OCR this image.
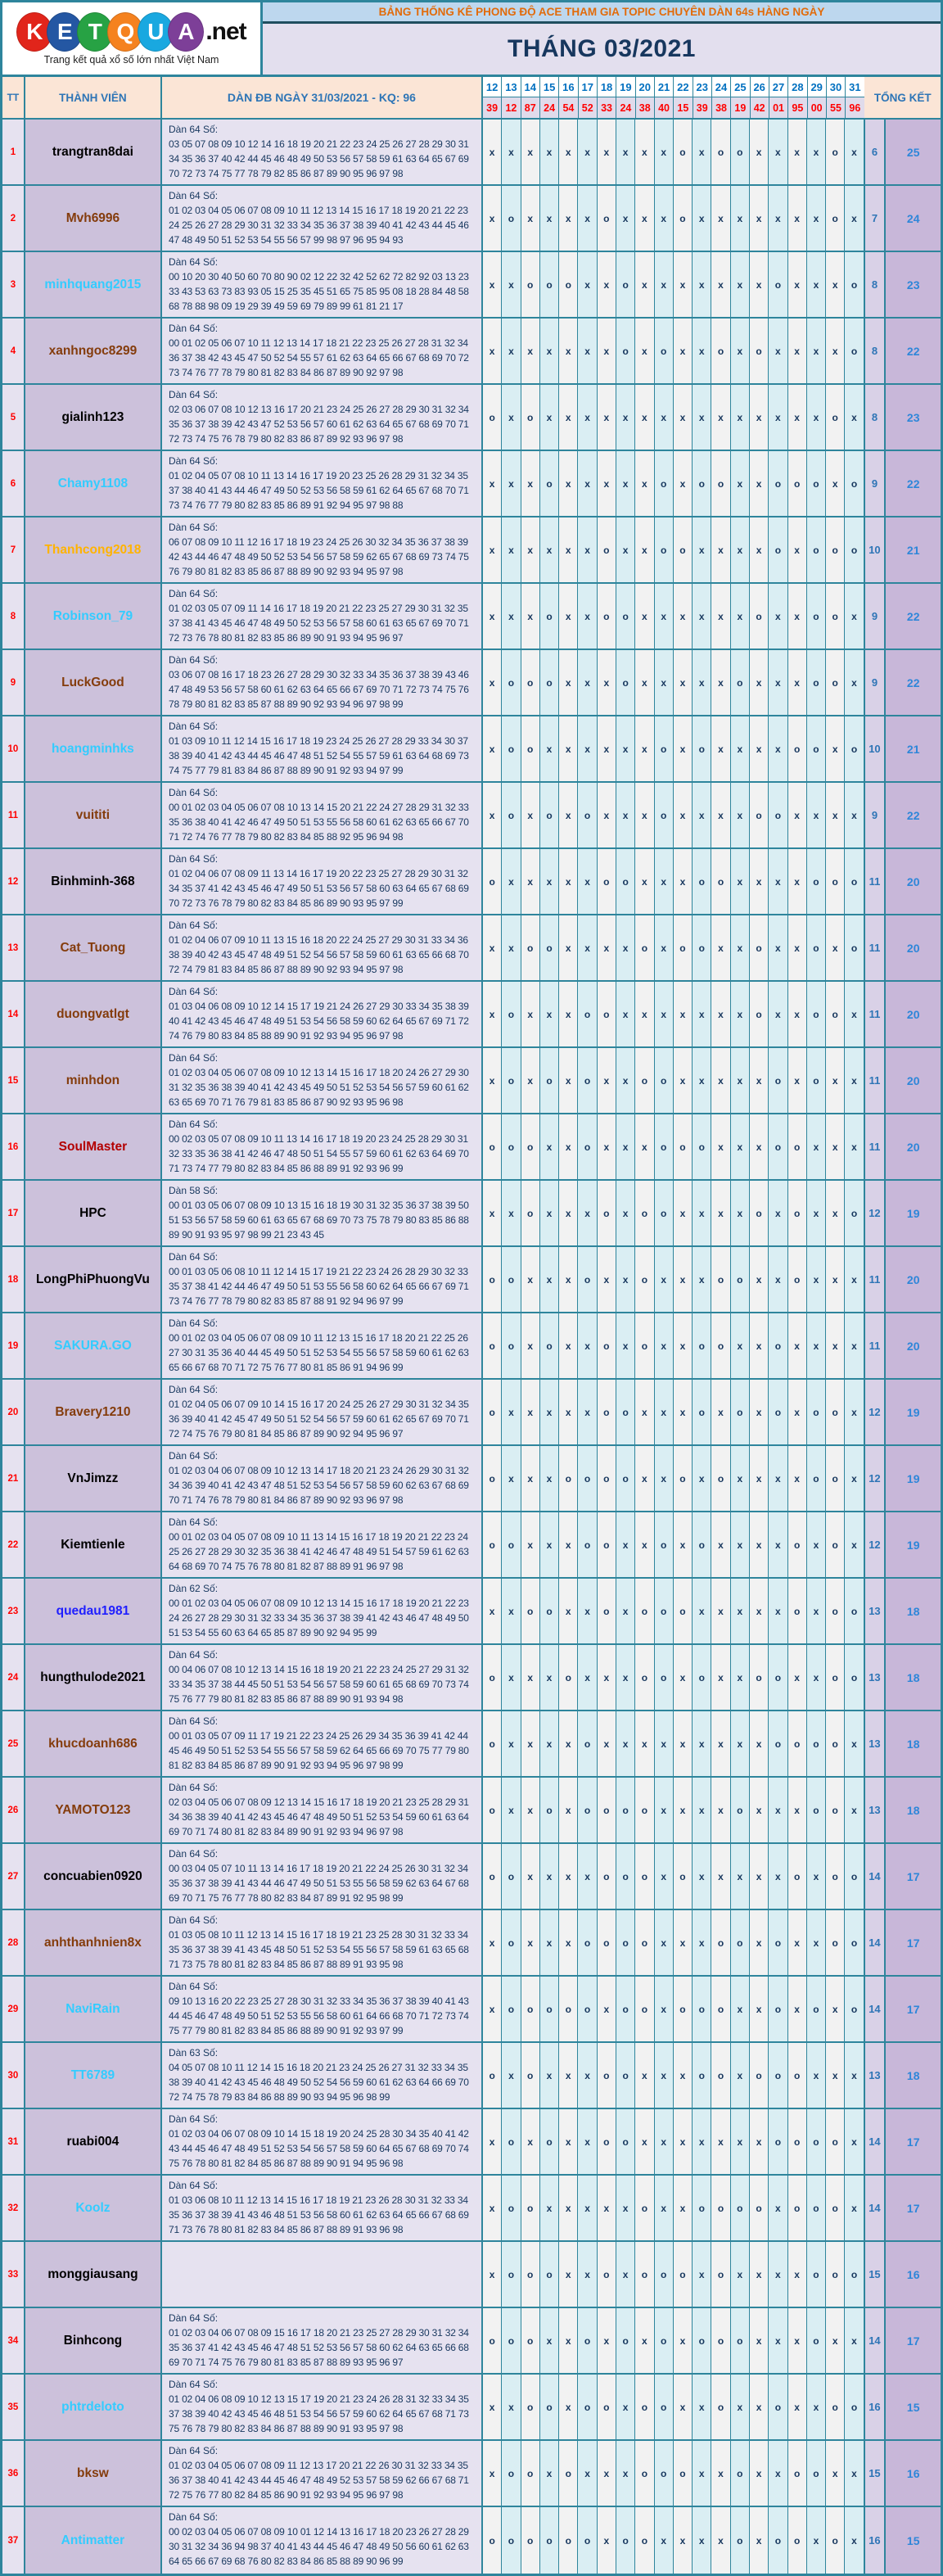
K E T Q U A .net
Trang kết quả xổ số lớn nhất Việt Nam
BẢNG THỐNG KÊ PHONG ĐỘ ACE THAM GIA TOPIC CHUYÊN DÀN 64s HÀNG NGÀY
THÁNG 03/2021
TT	THÀNH VIÊN	DÀN ĐB NGÀY 31/03/2021 - KQ: 96
12 13 14 15 16 17 18 19 20 21 22 23 24 25 26 27 28 29 30 31
39 12 87 24 54 52 33 24 38 40 15 39 38 19 42 01 95 00 55 96
TỔNG KẾT
1	trangtran8dai
Dàn 64 Số:
03 05 07 08 09 10 12 14 16 18 19 20 21 22 23 24 25 26 27 28 29 30 31 34 35 36 37 40 42 44 45 46 48 49 50 53 56 57 58 59 61 63 64 65 67 69 70 72 73 74 75 77 78 79 82 85 86 87 89 90 95 96 97 98
x	x	x	x	x	x	x	x	x	x	o	x	o	o	x	x	x	x	o	x	6	25
2	Mvh6996
Dàn 64 Số:
01 02 03 04 05 06 07 08 09 10 11 12 13 14 15 16 17 18 19 20 21 22 23 24 25 26 27 28 29 30 31 32 33 34 35 36 37 38 39 40 41 42 43 44 45 46 47 48 49 50 51 52 53 54 55 56 57 99 98 97 96 95 94 93
x	o	x	x	x	x	o	x	x	x	o	x	x	x	x	x	x	x	o	x	7	24
3	minhquang2015
Dàn 64 Số:
00 10 20 30 40 50 60 70 80 90 02 12 22 32 42 52 62 72 82 92 03 13 23 33 43 53 63 73 83 93 05 15 25 35 45 51 65 75 85 95 08 18 28 84 48 58 68 78 88 98 09 19 29 39 49 59 69 79 89 99 61 81 21 17
x	x	o	o	o	x	x	o	x	x	x	x	x	x	x	o	x	x	x	o	8	23
4	xanhngoc8299
Dàn 64 Số:
00 01 02 05 06 07 10 11 12 13 14 17 18 21 22 23 25 26 27 28 31 32 34 36 37 38 42 43 45 47 50 52 54 55 57 61 62 63 64 65 66 67 68 69 70 72 73 74 76 77 78 79 80 81 82 83 84 86 87 89 90 92 97 98
x	x	x	x	x	x	x	o	x	o	x	x	o	x	o	x	x	x	x	o	8	22
5	gialinh123
Dàn 64 Số:
02 03 06 07 08 10 12 13 16 17 20 21 23 24 25 26 27 28 29 30 31 32 34 35 36 37 38 39 42 43 47 52 53 56 57 60 61 62 63 64 65 67 68 69 70 71 72 73 74 75 76 78 79 80 82 83 86 87 89 92 93 96 97 98
o	x	o	x	x	x	x	x	x	x	x	x	x	x	x	x	x	x	o	x	8	23
6	Chamy1108
Dàn 64 Số:
01 02 04 05 07 08 10 11 13 14 16 17 19 20 23 25 26 28 29 31 32 34 35 37 38 40 41 43 44 46 47 49 50 52 53 56 58 59 61 62 64 65 67 68 70 71 73 74 76 77 79 80 82 83 85 86 89 91 92 94 95 97 98 88
x	x	x	o	x	x	x	x	x	o	x	o	o	x	x	o	o	o	x	o	9	22
7	Thanhcong2018
Dàn 64 Số:
06 07 08 09 10 11 12 16 17 18 19 23 24 25 26 30 32 34 35 36 37 38 39 42 43 44 46 47 48 49 50 52 53 54 56 57 58 59 62 65 67 68 69 73 74 75 76 79 80 81 82 83 85 86 87 88 89 90 92 93 94 95 97 98
x	x	x	x	x	x	o	x	x	o	o	x	x	x	x	o	x	o	o	o	10	21
8	Robinson_79
Dàn 64 Số:
01 02 03 05 07 09 11 14 16 17 18 19 20 21 22 23 25 27 29 30 31 32 35 37 38 41 43 45 46 47 48 49 50 52 53 56 57 58 60 61 63 65 67 69 70 71 72 73 76 78 80 81 82 83 85 86 89 90 91 93 94 95 96 97
x	x	x	o	x	x	o	o	x	x	x	x	x	x	o	x	x	o	o	x	9	22
9	LuckGood
Dàn 64 Số:
03 06 07 08 16 17 18 23 26 27 28 29 30 32 33 34 35 36 37 38 39 43 46 47 48 49 53 56 57 58 60 61 62 63 64 65 66 67 69 70 71 72 73 74 75 76 78 79 80 81 82 83 85 87 88 89 90 92 93 94 96 97 98 99
x	o	o	o	x	x	x	o	x	x	x	x	x	o	x	x	x	o	o	x	9	22
10	hoangminhks
Dàn 64 Số:
01 03 09 10 11 12 14 15 16 17 18 19 23 24 25 26 27 28 29 33 34 30 37 38 39 40 41 42 43 44 45 46 47 48 51 52 54 55 57 59 61 63 64 68 69 73 74 75 77 79 81 83 84 86 87 88 89 90 91 92 93 94 97 99
x	o	o	x	x	x	x	x	x	o	x	o	x	x	x	x	o	o	x	o	10	21
11	vuititi
Dàn 64 Số:
00 01 02 03 04 05 06 07 08 10 13 14 15 20 21 22 24 27 28 29 31 32 33 35 36 38 40 41 42 46 47 49 50 51 53 55 56 58 60 61 62 63 65 66 67 70 71 72 74 76 77 78 79 80 82 83 84 85 88 92 95 96 94 98
x	o	x	o	x	o	x	x	x	o	x	x	x	x	o	o	x	x	x	x	9	22
12	Binhminh-368
Dàn 64 Số:
01 02 04 06 07 08 09 11 13 14 16 17 19 20 22 23 25 27 28 29 30 31 32 34 35 37 41 42 43 45 46 47 49 50 51 53 56 57 58 60 63 64 65 67 68 69 70 72 73 76 78 79 80 82 83 84 85 86 89 90 93 95 97 99
o	x	x	x	x	x	o	o	x	x	x	o	o	x	x	x	x	o	o	o	11	20
13	Cat_Tuong
Dàn 64 Số:
01 02 04 06 07 09 10 11 13 15 16 18 20 22 24 25 27 29 30 31 33 34 36 38 39 40 42 43 45 47 48 49 51 52 54 56 57 58 59 60 61 63 65 66 68 70 72 74 79 81 83 84 85 86 87 88 89 90 92 93 94 95 97 98
x	x	o	o	x	x	x	x	o	x	o	o	x	x	o	x	x	o	x	o	11	20
14	duongvatlgt
Dàn 64 Số:
01 03 04 06 08 09 10 12 14 15 17 19 21 24 26 27 29 30 33 34 35 38 39 40 41 42 43 45 46 47 48 49 51 53 54 56 58 59 60 62 64 65 67 69 71 72 74 76 79 80 83 84 85 88 89 90 91 92 93 94 95 96 97 98
x	o	x	x	x	o	o	x	x	x	x	x	x	x	o	x	x	o	o	x	11	20
15	minhdon
Dàn 64 Số:
01 02 03 04 05 06 07 08 09 10 12 13 14 15 16 17 18 20 24 26 27 29 30 31 32 35 36 38 39 40 41 42 43 45 49 50 51 52 53 54 56 57 59 60 61 62 63 65 69 70 71 76 79 81 83 85 86 87 90 92 93 95 96 98
x	o	x	o	x	o	x	x	o	o	x	x	x	x	x	o	x	o	x	x	11	20
16	SoulMaster
Dàn 64 Số:
00 02 03 05 07 08 09 10 11 13 14 16 17 18 19 20 23 24 25 28 29 30 31 32 33 35 36 38 41 42 46 47 48 50 51 54 55 57 59 60 61 62 63 64 69 70 71 73 74 77 79 80 82 83 84 85 86 88 89 91 92 93 96 99
o	o	o	x	x	o	x	x	x	o	o	o	x	x	x	o	o	x	x	x	11	20
17	HPC
Dàn 58 Số:
00 01 03 05 06 07 08 09 10 13 15 16 18 19 30 31 32 35 36 37 38 39 50 51 53 56 57 58 59 60 61 63 65 67 68 69 70 73 75 78 79 80 83 85 86 88 89 90 91 93 95 97 98 99 21 23 43 45
x	x	o	x	x	x	o	x	o	o	x	x	x	x	o	x	o	x	x	o	12	19
18	LongPhiPhuongVu
Dàn 64 Số:
00 01 03 05 06 08 10 11 12 14 15 17 19 21 22 23 24 26 28 29 30 32 33 35 37 38 41 42 44 46 47 49 50 51 53 55 56 58 60 62 64 65 66 67 69 71 73 74 76 77 78 79 80 82 83 85 87 88 91 92 94 96 97 99
o	o	x	x	x	o	x	x	o	x	x	x	o	o	x	x	o	x	x	x	11	20
19	SAKURA.GO
Dàn 64 Số:
00 01 02 03 04 05 06 07 08 09 10 11 12 13 15 16 17 18 20 21 22 25 26 27 30 31 35 36 40 44 45 49 50 51 52 53 54 55 56 57 58 59 60 61 62 63 65 66 67 68 70 71 72 75 76 77 80 81 85 86 91 94 96 99
o	o	x	o	x	x	o	x	o	x	x	o	o	x	x	o	x	x	x	x	11	20
20	Bravery1210
Dàn 64 Số:
01 02 04 05 06 07 09 10 14 15 16 17 20 24 25 26 27 29 30 31 32 34 35 36 39 40 41 42 45 47 49 50 51 52 54 56 57 59 60 61 62 65 67 69 70 71 72 74 75 76 79 80 81 84 85 86 87 89 90 92 94 95 96 97
o	x	x	x	x	x	o	o	x	x	x	o	x	o	x	o	x	o	o	x	12	19
21	VnJimzz
Dàn 64 Số:
01 02 03 04 06 07 08 09 10 12 13 14 17 18 20 21 23 24 26 29 30 31 32 34 36 39 40 41 42 43 47 48 51 52 53 54 56 57 58 59 60 62 63 67 68 69 70 71 74 76 78 79 80 81 84 86 87 89 90 92 93 96 97 98
o	x	x	x	o	o	o	o	x	x	o	x	o	x	x	x	x	o	o	x	12	19
22	Kiemtienle
Dàn 64 Số:
00 01 02 03 04 05 07 08 09 10 11 13 14 15 16 17 18 19 20 21 22 23 24 25 26 27 28 29 30 32 35 36 38 41 42 46 47 48 49 51 54 57 59 61 62 63 64 68 69 70 74 75 76 78 80 81 82 87 88 89 91 96 97 98
o	o	x	x	x	o	o	x	x	o	x	o	x	x	x	x	o	x	o	x	12	19
23	quedau1981
Dàn 62 Số:
00 01 02 03 04 05 06 07 08 09 10 12 13 14 15 16 17 18 19 20 21 22 23 24 26 27 28 29 30 31 32 33 34 35 36 37 38 39 41 42 43 46 47 48 49 50 51 53 54 55 60 63 64 65 85 87 89 90 92 94 95 99
x	x	o	o	x	x	o	x	o	o	o	x	x	x	x	x	o	x	o	o	13	18
24	hungthulode2021
Dàn 64 Số:
00 04 06 07 08 10 12 13 14 15 16 18 19 20 21 22 23 24 25 27 29 31 32 33 34 35 37 38 44 45 50 51 53 54 56 57 58 59 60 61 65 68 69 70 73 74 75 76 77 79 80 81 82 83 85 86 87 88 89 90 91 93 94 98
o	x	x	x	o	x	x	x	o	o	x	o	x	x	o	o	x	x	o	o	13	18
25	khucdoanh686
Dàn 64 Số:
00 01 03 05 07 09 11 17 19 21 22 23 24 25 26 29 34 35 36 39 41 42 44 45 46 49 50 51 52 53 54 55 56 57 58 59 62 64 65 66 69 70 75 77 79 80 81 82 83 84 85 86 87 89 90 91 92 93 94 95 96 97 98 99
o	x	x	x	x	o	x	x	x	x	x	x	x	x	x	o	o	o	o	x	13	18
26	YAMOTO123
Dàn 64 Số:
02 03 04 05 06 07 08 09 12 13 14 15 16 17 18 19 20 21 23 25 28 29 31 34 36 38 39 40 41 42 43 45 46 47 48 49 50 51 52 53 54 59 60 61 63 64 69 70 71 74 80 81 82 83 84 89 90 91 92 93 94 96 97 98
o	x	x	o	x	o	o	o	o	x	x	x	x	o	x	x	x	o	o	x	13	18
27	concuabien0920
Dàn 64 Số:
00 03 04 05 07 10 11 13 14 16 17 18 19 20 21 22 24 25 26 30 31 32 34 35 36 37 38 39 41 43 44 46 47 49 50 51 53 55 56 58 59 62 63 64 67 68 69 70 71 75 76 77 78 80 82 83 84 87 89 91 92 95 98 99
o	o	x	x	x	x	o	o	o	x	o	x	x	x	x	x	o	x	o	o	14	17
28	anhthanhnien8x
Dàn 64 Số:
01 03 05 08 10 11 12 13 14 15 16 17 18 19 21 23 25 28 30 31 32 33 34 35 36 37 38 39 41 43 45 48 50 51 52 53 54 55 56 57 58 59 61 63 65 68 71 73 75 78 80 81 82 83 84 85 86 87 88 89 91 93 95 98
x	o	x	x	x	o	o	o	o	x	x	x	o	o	x	o	x	x	o	o	14	17
29	NaviRain
Dàn 64 Số:
09 10 13 16 20 22 23 25 27 28 30 31 32 33 34 35 36 37 38 39 40 41 43 44 45 46 47 48 49 50 51 52 53 55 56 58 60 61 64 66 68 70 71 72 73 74 75 77 79 80 81 82 83 84 85 86 88 89 90 91 92 93 97 99
x	o	o	o	o	o	x	o	o	x	o	o	o	x	x	o	x	o	x	o	14	17
30	TT6789
Dàn 63 Số:
04 05 07 08 10 11 12 14 15 16 18 20 21 23 24 25 26 27 31 32 33 34 35 38 39 40 41 42 43 45 46 48 49 50 52 54 56 59 60 61 62 63 64 66 69 70 72 74 75 78 79 83 84 86 88 89 90 93 94 95 96 98 99
o	x	o	x	x	x	o	o	x	x	x	o	o	x	o	o	o	x	x	x	13	18
31	ruabi004
Dàn 64 Số:
01 02 03 04 06 07 08 09 10 14 15 18 19 20 24 25 28 30 34 35 40 41 42 43 44 45 46 47 48 49 51 52 53 54 56 57 58 59 60 64 65 67 68 69 70 74 75 76 78 80 81 82 84 85 86 87 88 89 90 91 94 95 96 98
x	o	x	o	x	x	o	o	x	x	x	x	x	x	x	o	o	o	o	x	14	17
32	Koolz
Dàn 64 Số:
01 03 06 08 10 11 12 13 14 15 16 17 18 19 21 23 26 28 30 31 32 33 34 35 36 37 38 39 41 43 46 48 51 53 56 58 60 61 62 63 64 65 66 67 68 69 71 73 76 78 80 81 82 83 84 85 86 87 88 89 91 93 96 98
x	o	o	x	x	x	x	x	o	x	x	o	o	o	o	x	o	o	o	x	14	17
33	monggiausang	x	o	o	o	x	x	o	x	o	o	o	x	o	x	x	x	x	o	o	o	15	16
34	Binhcong
Dàn 64 Số:
01 02 03 04 06 07 08 09 15 16 17 18 20 21 23 25 27 28 29 30 31 32 34 35 36 37 41 42 43 45 46 47 48 51 52 53 56 57 58 60 62 64 63 65 66 68 69 70 71 74 75 76 79 80 81 83 85 87 88 89 93 95 96 97
o	o	o	x	x	o	x	o	x	o	x	o	o	o	x	x	x	o	x	x	14	17
35	phtrdeloto
Dàn 64 Số:
01 02 04 06 08 09 10 12 13 15 17 19 20 21 23 24 26 28 31 32 33 34 35 37 38 39 40 42 43 45 46 48 51 53 54 56 57 59 60 62 64 65 67 68 71 73 75 76 78 79 80 82 83 84 86 87 88 89 90 91 93 95 97 98
x	x	o	o	x	o	o	x	o	o	x	x	o	x	x	o	x	x	o	o	16	15
36	bksw
Dàn 64 Số:
01 02 03 04 05 06 07 08 09 11 12 13 17 20 21 22 26 30 31 32 33 34 35 36 37 38 40 41 42 43 44 45 46 47 48 49 52 53 57 58 59 62 66 67 68 71 72 75 76 77 80 82 84 85 86 90 91 92 93 94 95 96 97 98
x	o	o	x	o	x	x	x	o	o	o	x	x	o	x	x	o	o	x	x	15	16
37	Antimatter
Dàn 64 Số:
00 02 03 04 05 06 07 08 09 10 01 12 14 13 16 17 18 20 23 26 27 28 29 30 31 32 34 36 94 98 37 40 41 43 44 45 46 47 48 49 50 56 60 61 62 63 64 65 66 67 69 68 76 80 82 83 84 86 85 88 89 90 96 99
o	o	o	o	o	o	x	o	o	x	x	x	x	o	x	o	o	x	o	x	16	15
